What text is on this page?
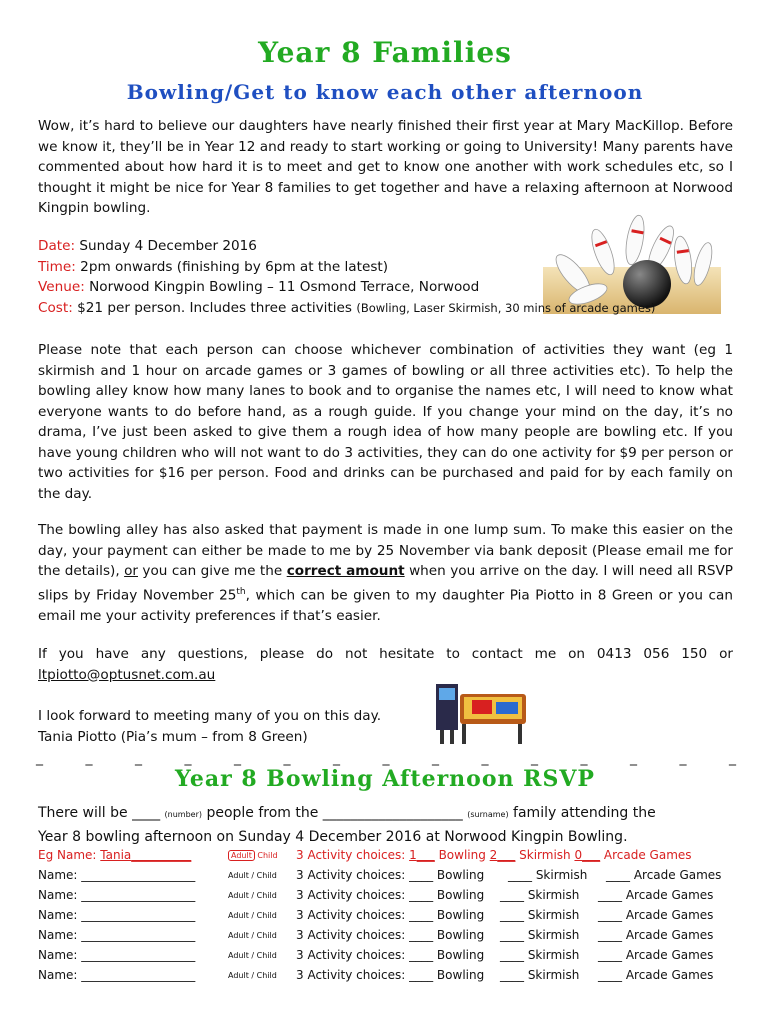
Year 8 Families
Bowling/Get to know each other afternoon
Wow, it’s hard to believe our daughters have nearly finished their first year at Mary MacKillop. Before we know it, they’ll be in Year 12 and ready to start working or going to University! Many parents have commented about how hard it is to meet and get to know one another with work schedules etc, so I thought it might be nice for Year 8 families to get together and have a relaxing afternoon at Norwood Kingpin bowling.
Date: Sunday 4 December 2016
Time: 2pm onwards (finishing by 6pm at the latest)
Venue: Norwood Kingpin Bowling – 11 Osmond Terrace, Norwood
Cost: $21 per person. Includes three activities (Bowling, Laser Skirmish, 30 mins of arcade games)
Please note that each person can choose whichever combination of activities they want (eg 1 skirmish and 1 hour on arcade games or 3 games of bowling or all three activities etc). To help the bowling alley know how many lanes to book and to organise the names etc, I will need to know what everyone wants to do before hand, as a rough guide. If you change your mind on the day, it’s no drama, I’ve just been asked to give them a rough idea of how many people are bowling etc. If you have young children who will not want to do 3 activities, they can do one activity for $9 per person or two activities for $16 per person. Food and drinks can be purchased and paid for by each family on the day.
The bowling alley has also asked that payment is made in one lump sum. To make this easier on the day, your payment can either be made to me by 25 November via bank deposit (Please email me for the details), or you can give me the correct amount when you arrive on the day. I will need all RSVP slips by Friday November 25th, which can be given to my daughter Pia Piotto in 8 Green or you can email me your activity preferences if that’s easier.
If you have any questions, please do not hesitate to contact me on 0413 056 150 or ltpiotto@optusnet.com.au
I look forward to meeting many of you on this day.
Tania Piotto (Pia’s mum – from 8 Green)
_	_	_	_	_	_	_	_	_	_	_	_	_	_	_
Year 8 Bowling Afternoon RSVP
There will be ____ (number) people from the ____________________ (surname) family attending the
Year 8 bowling afternoon on Sunday 4 December 2016 at Norwood Kingpin Bowling.
Eg Name: Tania__________	Adult Child 3 Activity choices: 1___ Bowling 2___ Skirmish 0___ Arcade Games
Name: ___________________	Adult / Child 3 Activity choices: ____ Bowling ____ Skirmish ____ Arcade Games
Name: ___________________	Adult / Child 3 Activity choices: ____ Bowling ____ Skirmish ____ Arcade Games
Name: ___________________	Adult / Child 3 Activity choices: ____ Bowling ____ Skirmish ____ Arcade Games
Name: ___________________	Adult / Child 3 Activity choices: ____ Bowling ____ Skirmish ____ Arcade Games
Name: ___________________	Adult / Child 3 Activity choices: ____ Bowling ____ Skirmish ____ Arcade Games
Name: ___________________	Adult / Child 3 Activity choices: ____ Bowling ____ Skirmish ____ Arcade Games
